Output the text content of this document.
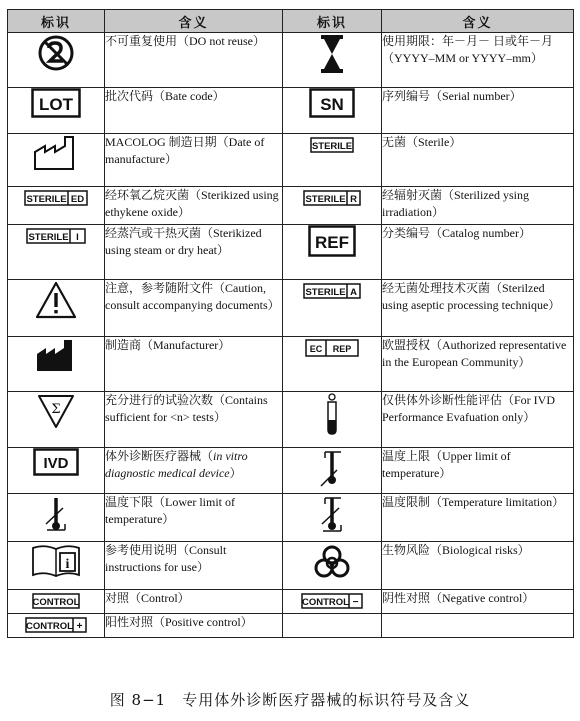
标识	含义	标识	含义
	不可重复使用（DO not reuse）		使用期限：年－月－ 日或年－月（YYYY–MM or YYYY–mm）

LOT	批次代码（Bate code）	SN	序列编号（Serial number）
	MACOLOG 制造日期（Date of manufacture）	STERILE	无菌（Sterile）

STERILE ED	经环氧乙烷灭菌（Sterikized using ethykene oxide）	STERILE R	经辐射灭菌（Sterilized ysing irradiation）

STERILE I	经蒸汽或干热灭菌（Sterikized using steam or dry heat）	REF	分类编号（Catalog number）
	注意，参考随附文件（Caution, consult accompanying documents）	STERILE A	经无菌处理技术灭菌（Sterilzed using aseptic processing technique）
	制造商（Manufacturer）	EC REP	欧盟授权（Authorized representative in the European Community）

Σ	充分进行的试验次数（Contains sufficient for <n> tests）		仅供体外诊断性能评估（For IVD Performance Evafuation only）

IVD	体外诊断医疗器械（in vitro diagnostic medical device）		温度上限（Upper limit of temperature）
	温度下限（Lower limit of temperature）		温度限制（Temperature limitation）

i	参考使用说明（Consult instructions for use）		生物风险（Biological risks）

CONTROL	对照（Control）	CONTROL −	阴性对照（Negative control）

CONTROL +	阳性对照（Positive control）		
图 8−1　专用体外诊断医疗器械的标识符号及含义
